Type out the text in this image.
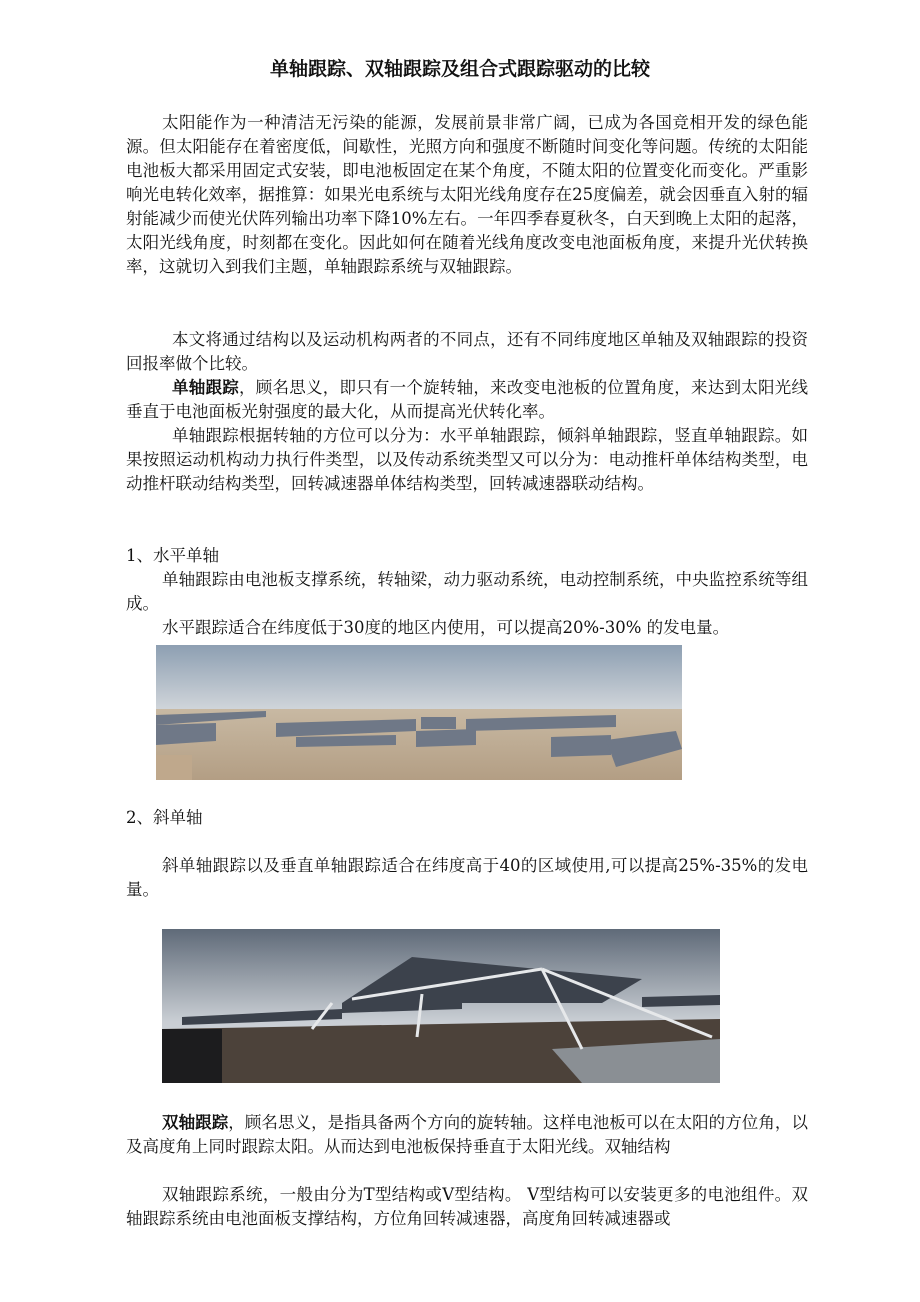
单轴跟踪、双轴跟踪及组合式跟踪驱动的比较

太阳能作为一种清洁无污染的能源，发展前景非常广阔，已成为各国竞相开发的绿色能源。但太阳能存在着密度低，间歇性，光照方向和强度不断随时间变化等问题。传统的太阳能电池板大都采用固定式安装，即电池板固定在某个角度，不随太阳的位置变化而变化。严重影响光电转化效率，据推算：如果光电系统与太阳光线角度存在25度偏差，就会因垂直入射的辐射能减少而使光伏阵列输出功率下降10%左右。一年四季春夏秋冬，白天到晚上太阳的起落，太阳光线角度，时刻都在变化。因此如何在随着光线角度改变电池面板角度，来提升光伏转换率，这就切入到我们主题，单轴跟踪系统与双轴跟踪。

本文将通过结构以及运动机构两者的不同点，还有不同纬度地区单轴及双轴跟踪的投资回报率做个比较。

单轴跟踪，顾名思义，即只有一个旋转轴，来改变电池板的位置角度，来达到太阳光线垂直于电池面板光射强度的最大化，从而提高光伏转化率。

单轴跟踪根据转轴的方位可以分为：水平单轴跟踪，倾斜单轴跟踪，竖直单轴跟踪。如果按照运动机构动力执行件类型，以及传动系统类型又可以分为：电动推杆单体结构类型，电动推杆联动结构类型，回转减速器单体结构类型，回转减速器联动结构。

1、水平单轴

单轴跟踪由电池板支撑系统，转轴梁，动力驱动系统，电动控制系统，中央监控系统等组成。

水平跟踪适合在纬度低于30度的地区内使用，可以提高20%-30% 的发电量。

2、斜单轴

斜单轴跟踪以及垂直单轴跟踪适合在纬度高于40的区域使用,可以提高25%-35%的发电量。

双轴跟踪，顾名思义，是指具备两个方向的旋转轴。这样电池板可以在太阳的方位角，以及高度角上同时跟踪太阳。从而达到电池板保持垂直于太阳光线。双轴结构

双轴跟踪系统，一般由分为T型结构或V型结构。 V型结构可以安装更多的电池组件。双轴跟踪系统由电池面板支撑结构，方位角回转减速器，高度角回转减速器或
